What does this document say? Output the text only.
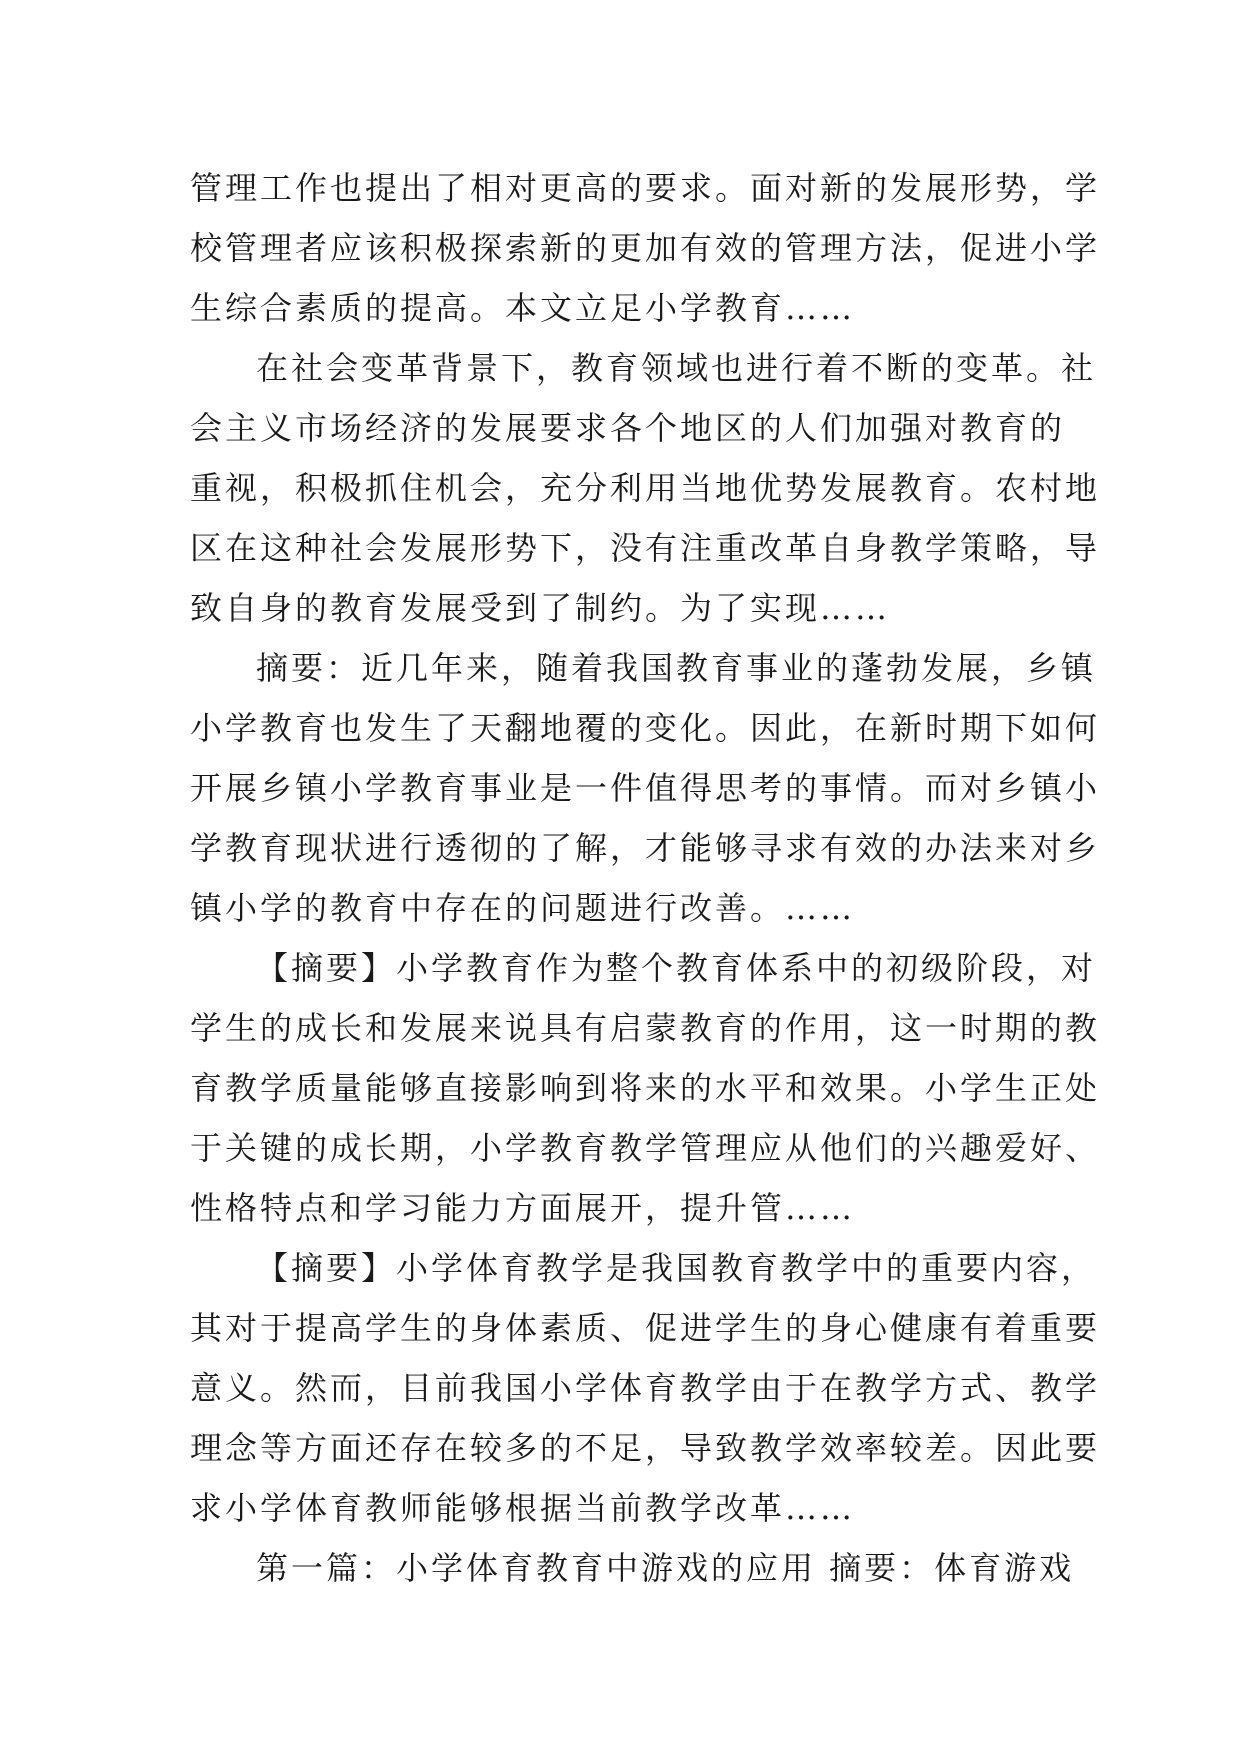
管理工作也提出了相对更高的要求。面对新的发展形势，学
校管理者应该积极探索新的更加有效的管理方法，促进小学
生综合素质的提高。本文立足小学教育……
在社会变革背景下，教育领域也进行着不断的变革。社
会主义市场经济的发展要求各个地区的人们加强对教育的
重视，积极抓住机会，充分利用当地优势发展教育。农村地
区在这种社会发展形势下，没有注重改革自身教学策略，导
致自身的教育发展受到了制约。为了实现……
摘要：近几年来，随着我国教育事业的蓬勃发展，乡镇
小学教育也发生了天翻地覆的变化。因此，在新时期下如何
开展乡镇小学教育事业是一件值得思考的事情。而对乡镇小
学教育现状进行透彻的了解，才能够寻求有效的办法来对乡
镇小学的教育中存在的问题进行改善。……
【摘要】小学教育作为整个教育体系中的初级阶段，对
学生的成长和发展来说具有启蒙教育的作用，这一时期的教
育教学质量能够直接影响到将来的水平和效果。小学生正处
于关键的成长期，小学教育教学管理应从他们的兴趣爱好、
性格特点和学习能力方面展开，提升管……
【摘要】小学体育教学是我国教育教学中的重要内容，
其对于提高学生的身体素质、促进学生的身心健康有着重要
意义。然而，目前我国小学体育教学由于在教学方式、教学
理念等方面还存在较多的不足，导致教学效率较差。因此要
求小学体育教师能够根据当前教学改革……
第一篇：小学体育教育中游戏的应用 摘要：体育游戏
